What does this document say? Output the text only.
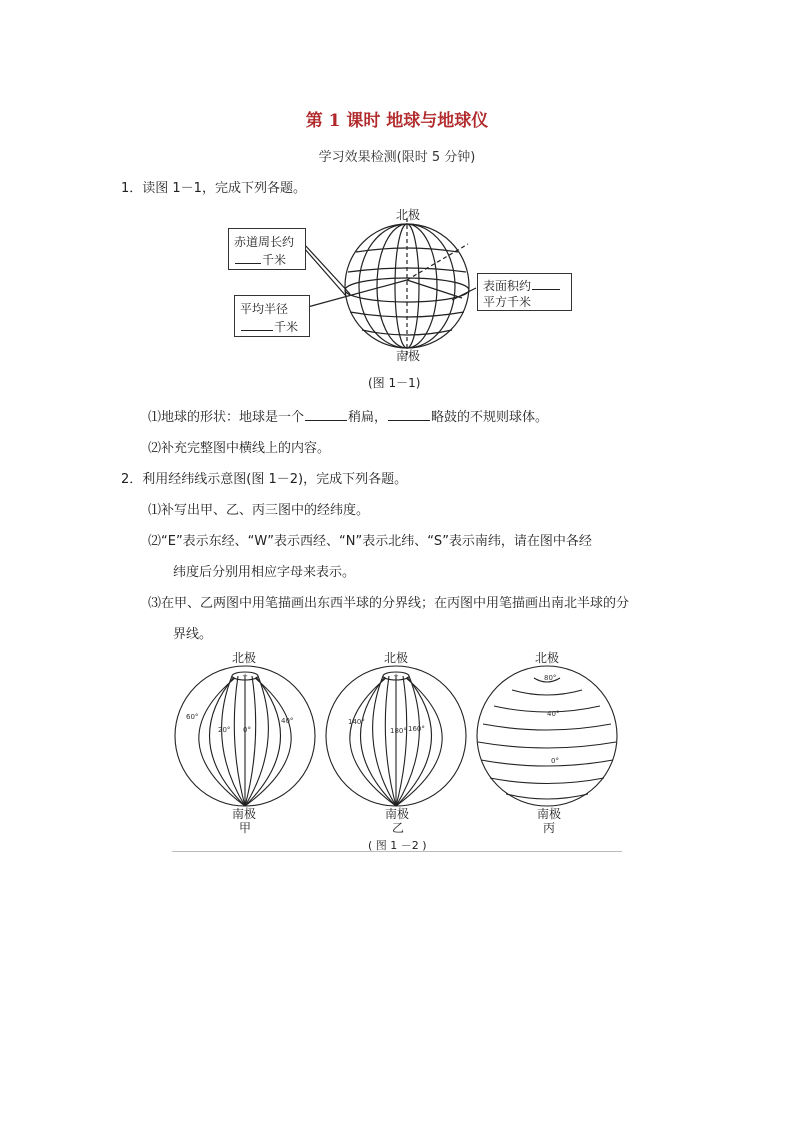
第 1 课时 地球与地球仪
学习效果检测(限时 5 分钟)
1．读图 1－1，完成下列各题。
北极
南极
赤道周长约
千米
平均半径
千米
表面积约
平方千米
(图 1－1)
⑴地球的形状：地球是一个	稍扁，	略鼓的不规则球体。
⑵补充完整图中横线上的内容。
2．利用经纬线示意图(图 1－2)，完成下列各题。
⑴补写出甲、乙、丙三图中的经纬度。
⑵“E”表示东经、“W”表示西经、“N”表示北纬、“S”表示南纬，请在图中各经
纬度后分别用相应字母来表示。
⑶在甲、乙两图中用笔描画出东西半球的分界线；在丙图中用笔描画出南北半球的分
界线。
+	+
北极
南极
甲
60°
20° 0°
40°
北极
南极
乙
140°
180° 160°
北极
南极
丙
80°
40°
0°
( 图 1 －2 )
